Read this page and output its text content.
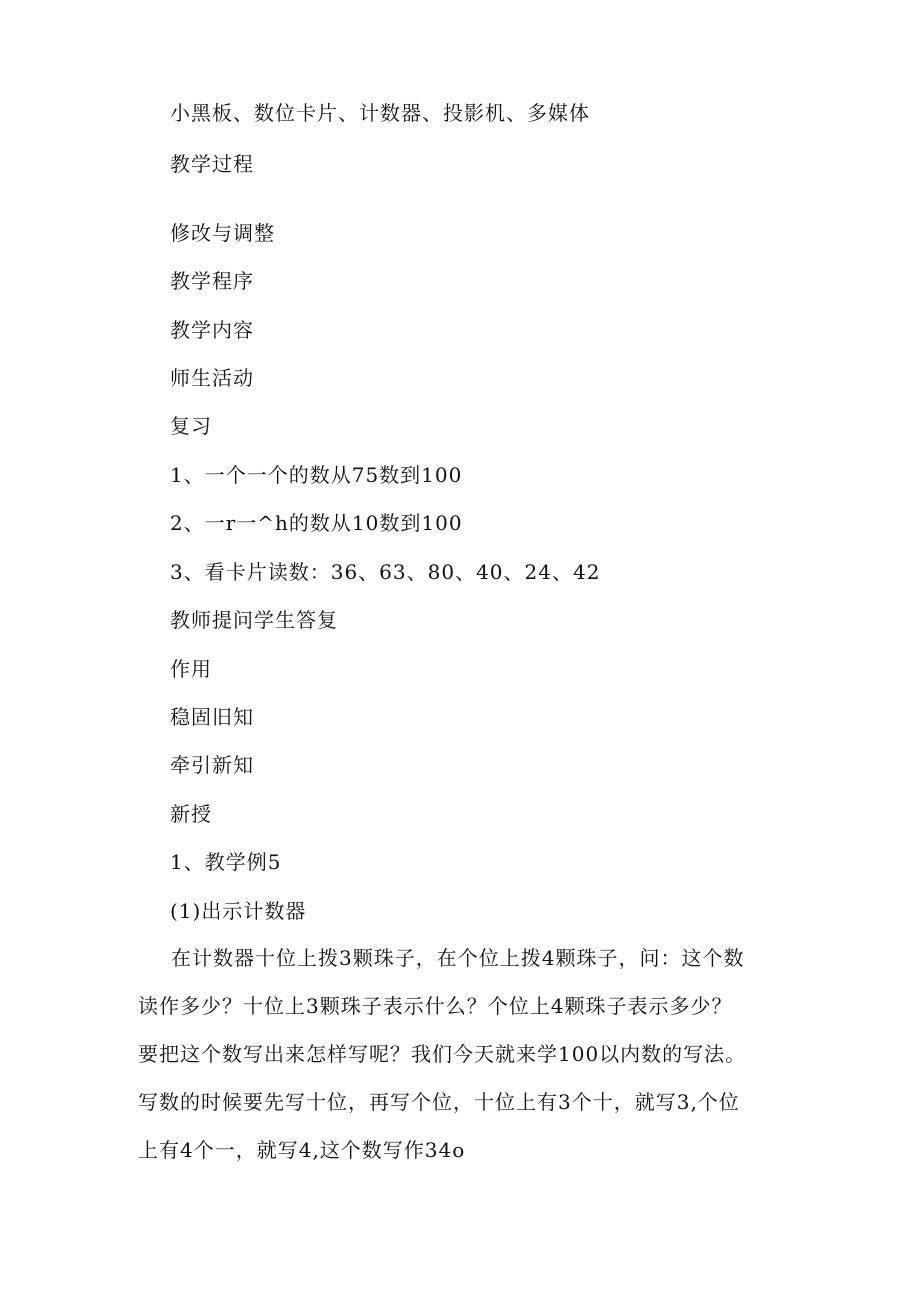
小黑板、数位卡片、计数器、投影机、多媒体
教学过程
修改与调整
教学程序
教学内容
师生活动
复习
1、一个一个的数从75数到100
2、一r一^h的数从10数到100
3、看卡片读数：36、63、80、40、24、42
教师提问学生答复
作用
稳固旧知
牵引新知
新授
1、教学例5
(1)出示计数器

在计数器十位上拨3颗珠子，在个位上拨4颗珠子，问：这个数

读作多少？十位上3颗珠子表示什么？个位上4颗珠子表示多少？

要把这个数写出来怎样写呢？我们今天就来学100以内数的写法。

写数的时候要先写十位，再写个位，十位上有3个十，就写3,个位

上有4个一，就写4,这个数写作34o
